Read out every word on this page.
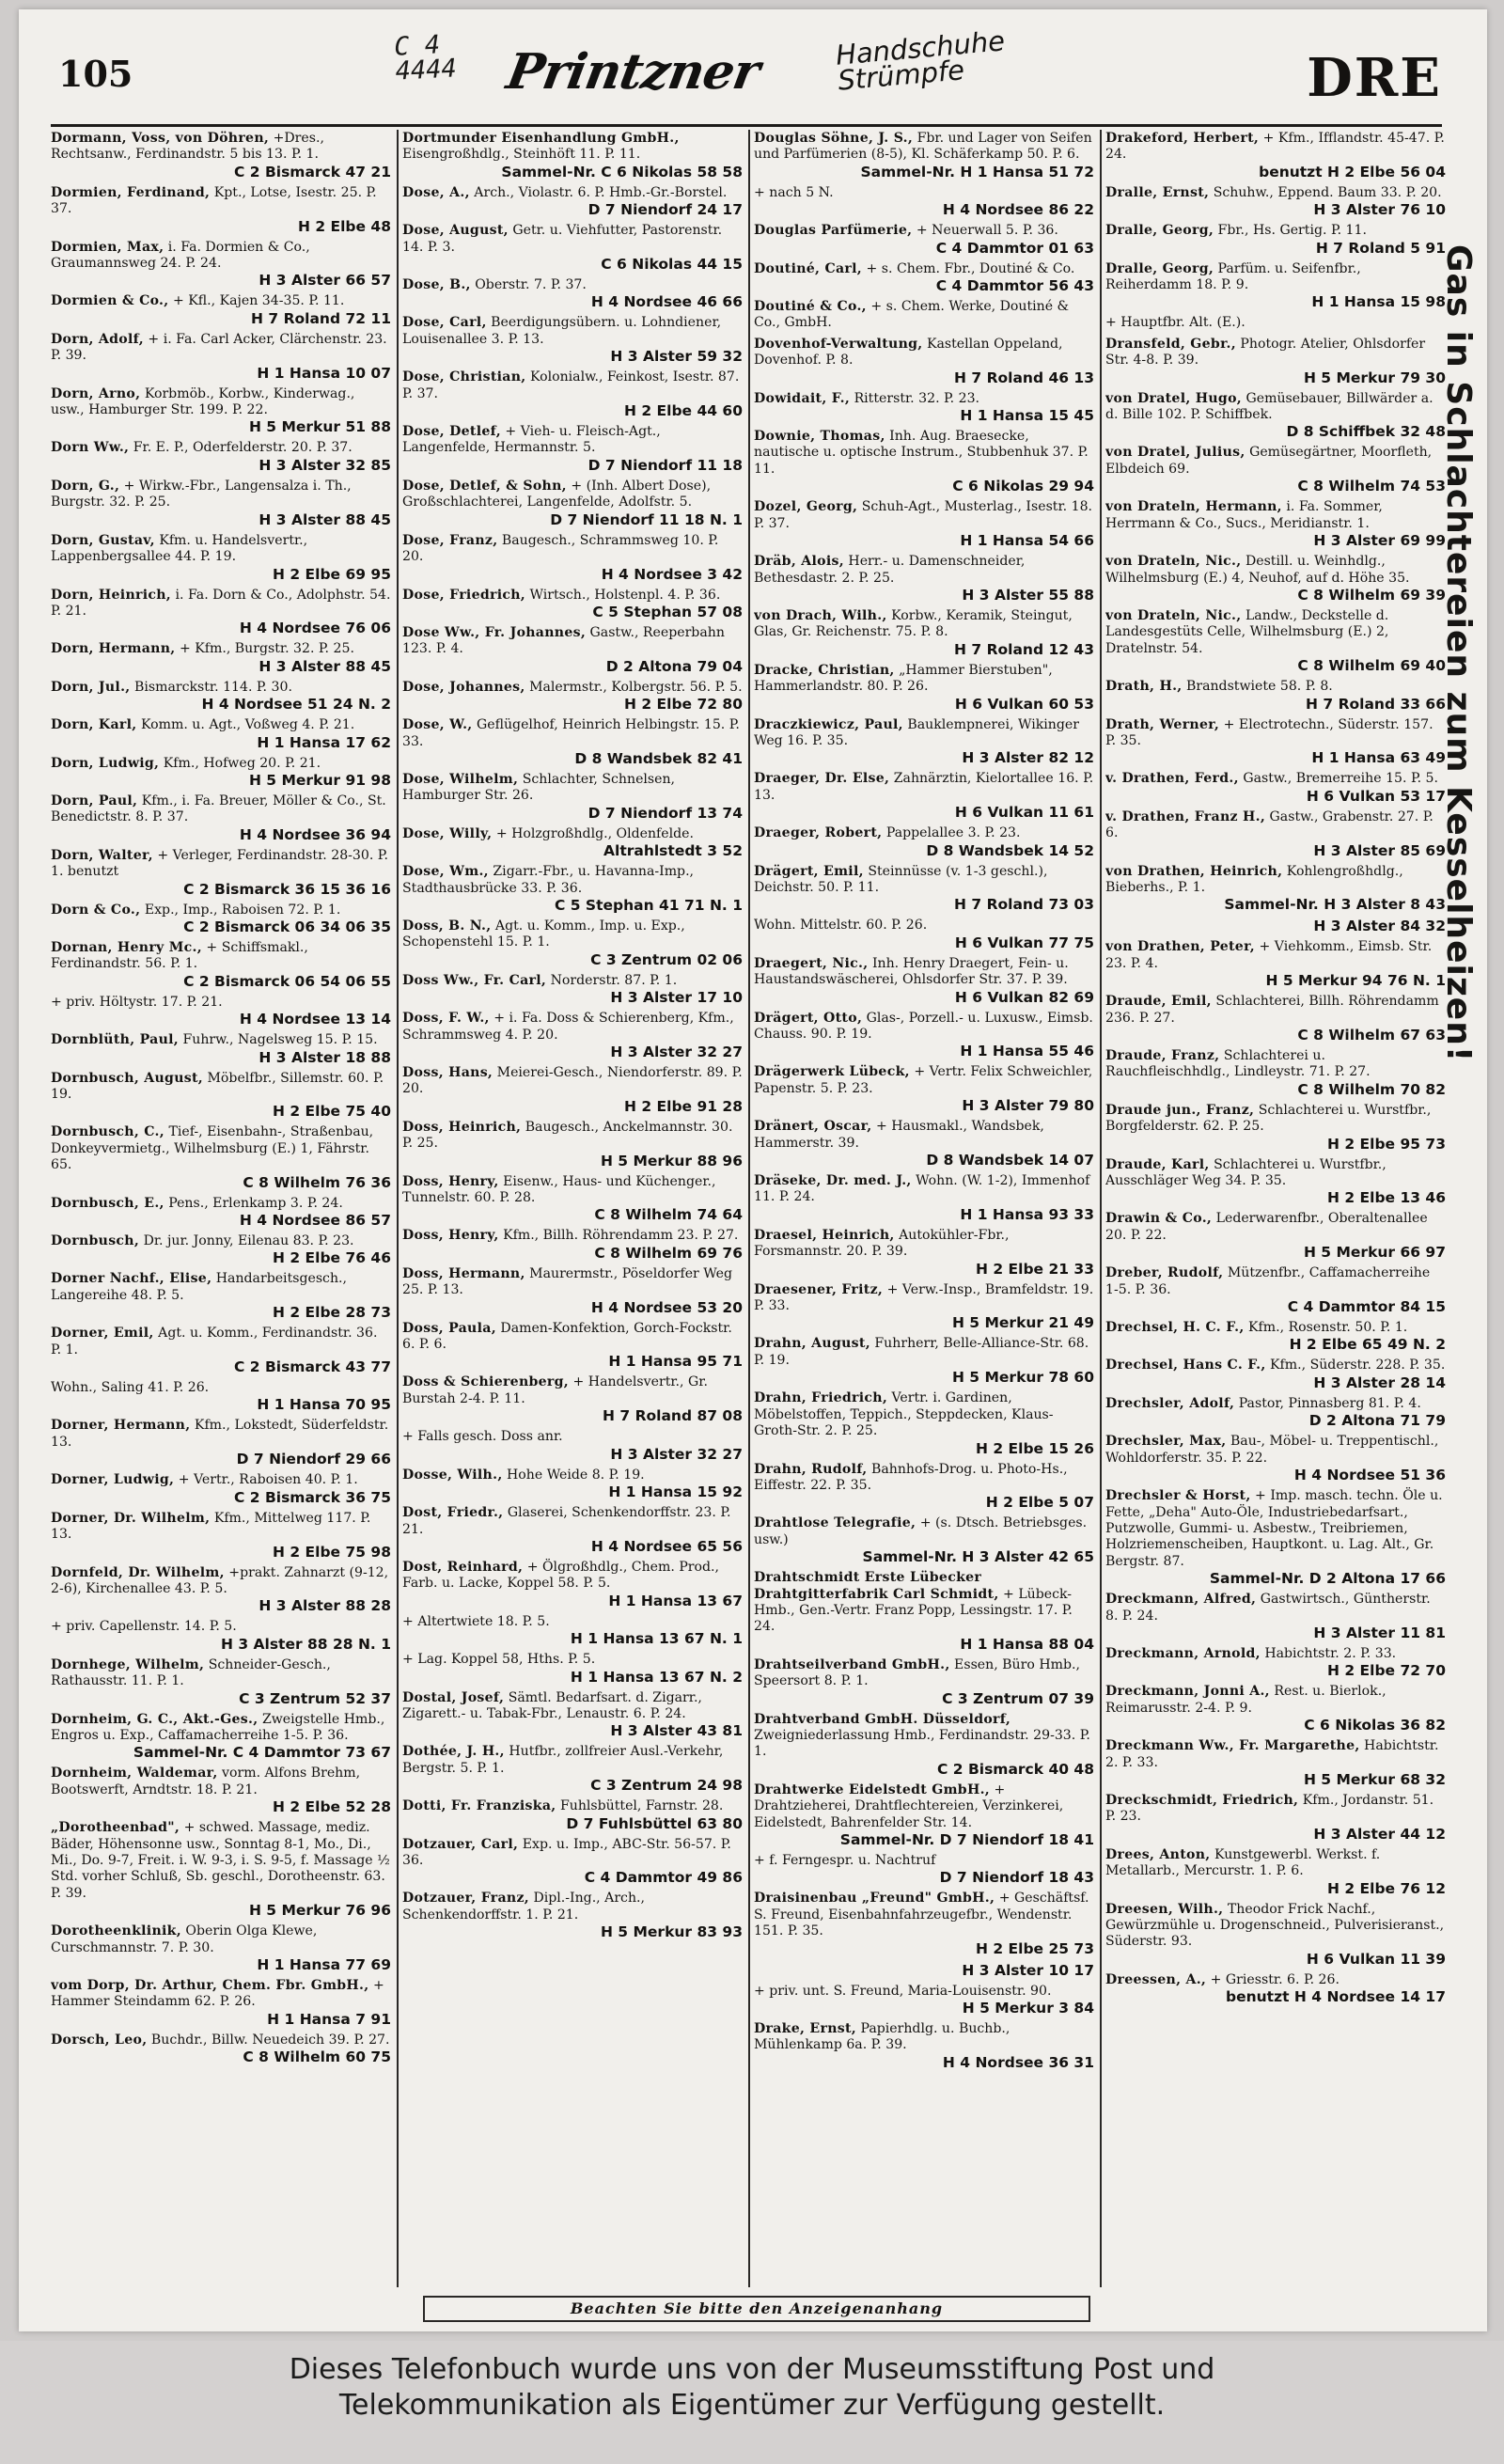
105
C 4
4444 Printzner	Handschuhe
Strümpfe	DRE
Dormann, Voss, von Döhren, +Dres., Rechtsanw., Ferdinandstr. 5 bis 13. P. 1.
C 2 Bismarck 47 21
Dormien, Ferdinand, Kpt., Lotse, Isestr. 25. P. 37.
H 2 Elbe 48
Dormien, Max, i. Fa. Dormien & Co., Graumannsweg 24. P. 24.
H 3 Alster 66 57
Dormien & Co., + Kfl., Kajen 34-35. P. 11.
H 7 Roland 72 11
Dorn, Adolf, + i. Fa. Carl Acker, Clärchenstr. 23. P. 39.
H 1 Hansa 10 07
Dorn, Arno, Korbmöb., Korbw., Kinderwag., usw., Hamburger Str. 199. P. 22.
H 5 Merkur 51 88
Dorn Ww., Fr. E. P., Oderfelderstr. 20. P. 37.
H 3 Alster 32 85
Dorn, G., + Wirkw.-Fbr., Langensalza i. Th., Burgstr. 32. P. 25.
H 3 Alster 88 45
Dorn, Gustav, Kfm. u. Handelsvertr., Lappenbergsallee 44. P. 19.
H 2 Elbe 69 95
Dorn, Heinrich, i. Fa. Dorn & Co., Adolphstr. 54. P. 21.
H 4 Nordsee 76 06
Dorn, Hermann, + Kfm., Burgstr. 32. P. 25.
H 3 Alster 88 45
Dorn, Jul., Bismarckstr. 114. P. 30.
H 4 Nordsee 51 24 N. 2
Dorn, Karl, Komm. u. Agt., Voßweg 4. P. 21.
H 1 Hansa 17 62
Dorn, Ludwig, Kfm., Hofweg 20. P. 21.
H 5 Merkur 91 98
Dorn, Paul, Kfm., i. Fa. Breuer, Möller & Co., St. Benedictstr. 8. P. 37.
H 4 Nordsee 36 94
Dorn, Walter, + Verleger, Ferdinandstr. 28-30. P. 1. benutzt
C 2 Bismarck 36 15 36 16
Dorn & Co., Exp., Imp., Raboisen 72. P. 1.
C 2 Bismarck 06 34 06 35
Dornan, Henry Mc., + Schiffsmakl., Ferdinandstr. 56. P. 1.
C 2 Bismarck 06 54 06 55
+ priv. Höltystr. 17. P. 21.
H 4 Nordsee 13 14
Dornblüth, Paul, Fuhrw., Nagelsweg 15. P. 15.
H 3 Alster 18 88
Dornbusch, August, Möbelfbr., Sillemstr. 60. P. 19.
H 2 Elbe 75 40
Dornbusch, C., Tief-, Eisenbahn-, Straßenbau, Donkeyvermietg., Wilhelmsburg (E.) 1, Fährstr. 65.
C 8 Wilhelm 76 36
Dornbusch, E., Pens., Erlenkamp 3. P. 24.
H 4 Nordsee 86 57
Dornbusch, Dr. jur. Jonny, Eilenau 83. P. 23.
H 2 Elbe 76 46
Dorner Nachf., Elise, Handarbeitsgesch., Langereihe 48. P. 5.
H 2 Elbe 28 73
Dorner, Emil, Agt. u. Komm., Ferdinandstr. 36. P. 1.
C 2 Bismarck 43 77
Wohn., Saling 41. P. 26.
H 1 Hansa 70 95
Dorner, Hermann, Kfm., Lokstedt, Süderfeldstr. 13.
D 7 Niendorf 29 66
Dorner, Ludwig, + Vertr., Raboisen 40. P. 1.
C 2 Bismarck 36 75
Dorner, Dr. Wilhelm, Kfm., Mittelweg 117. P. 13.
H 2 Elbe 75 98
Dornfeld, Dr. Wilhelm, +prakt. Zahnarzt (9-12, 2-6), Kirchenallee 43. P. 5.
H 3 Alster 88 28
+ priv. Capellenstr. 14. P. 5.
H 3 Alster 88 28 N. 1
Dornhege, Wilhelm, Schneider-Gesch., Rathausstr. 11. P. 1.
C 3 Zentrum 52 37
Dornheim, G. C., Akt.-Ges., Zweigstelle Hmb., Engros u. Exp., Caffamacherreihe 1-5. P. 36.
Sammel-Nr. C 4 Dammtor 73 67
Dornheim, Waldemar, vorm. Alfons Brehm, Bootswerft, Arndtstr. 18. P. 21.
H 2 Elbe 52 28
„Dorotheenbad", + schwed. Massage, mediz. Bäder, Höhensonne usw., Sonntag 8-1, Mo., Di., Mi., Do. 9-7, Freit. i. W. 9-3, i. S. 9-5, f. Massage ½ Std. vorher Schluß, Sb. geschl., Dorotheenstr. 63. P. 39.
H 5 Merkur 76 96
Dorotheenklinik, Oberin Olga Klewe, Curschmannstr. 7. P. 30.
H 1 Hansa 77 69
vom Dorp, Dr. Arthur, Chem. Fbr. GmbH., + Hammer Steindamm 62. P. 26.
H 1 Hansa 7 91
Dorsch, Leo, Buchdr., Billw. Neuedeich 39. P. 27.
C 8 Wilhelm 60 75
Dortmunder Eisenhandlung GmbH., Eisengroßhdlg., Steinhöft 11. P. 11.
Sammel-Nr. C 6 Nikolas 58 58
Dose, A., Arch., Violastr. 6. P. Hmb.-Gr.-Borstel.
D 7 Niendorf 24 17
Dose, August, Getr. u. Viehfutter, Pastorenstr. 14. P. 3.
C 6 Nikolas 44 15
Dose, B., Oberstr. 7. P. 37.
H 4 Nordsee 46 66
Dose, Carl, Beerdigungsübern. u. Lohndiener, Louisenallee 3. P. 13.
H 3 Alster 59 32
Dose, Christian, Kolonialw., Feinkost, Isestr. 87. P. 37.
H 2 Elbe 44 60
Dose, Detlef, + Vieh- u. Fleisch-Agt., Langenfelde, Hermannstr. 5.
D 7 Niendorf 11 18
Dose, Detlef, & Sohn, + (Inh. Albert Dose), Großschlachterei, Langenfelde, Adolfstr. 5.
D 7 Niendorf 11 18 N. 1
Dose, Franz, Baugesch., Schrammsweg 10. P. 20.
H 4 Nordsee 3 42
Dose, Friedrich, Wirtsch., Holstenpl. 4. P. 36.
C 5 Stephan 57 08
Dose Ww., Fr. Johannes, Gastw., Reeperbahn 123. P. 4.
D 2 Altona 79 04
Dose, Johannes, Malermstr., Kolbergstr. 56. P. 5.
H 2 Elbe 72 80
Dose, W., Geflügelhof, Heinrich Helbingstr. 15. P. 33.
D 8 Wandsbek 82 41
Dose, Wilhelm, Schlachter, Schnelsen, Hamburger Str. 26.
D 7 Niendorf 13 74
Dose, Willy, + Holzgroßhdlg., Oldenfelde.
Altrahlstedt 3 52
Dose, Wm., Zigarr.-Fbr., u. Havanna-Imp., Stadthausbrücke 33. P. 36.
C 5 Stephan 41 71 N. 1
Doss, B. N., Agt. u. Komm., Imp. u. Exp., Schopenstehl 15. P. 1.
C 3 Zentrum 02 06
Doss Ww., Fr. Carl, Norderstr. 87. P. 1.
H 3 Alster 17 10
Doss, F. W., + i. Fa. Doss & Schierenberg, Kfm., Schrammsweg 4. P. 20.
H 3 Alster 32 27
Doss, Hans, Meierei-Gesch., Niendorferstr. 89. P. 20.
H 2 Elbe 91 28
Doss, Heinrich, Baugesch., Anckelmannstr. 30. P. 25.
H 5 Merkur 88 96
Doss, Henry, Eisenw., Haus- und Küchenger., Tunnelstr. 60. P. 28.
C 8 Wilhelm 74 64
Doss, Henry, Kfm., Billh. Röhrendamm 23. P. 27.
C 8 Wilhelm 69 76
Doss, Hermann, Maurermstr., Pöseldorfer Weg 25. P. 13.
H 4 Nordsee 53 20
Doss, Paula, Damen-Konfektion, Gorch-Fockstr. 6. P. 6.
H 1 Hansa 95 71
Doss & Schierenberg, + Handelsvertr., Gr. Burstah 2-4. P. 11.
H 7 Roland 87 08
+ Falls gesch. Doss anr.
H 3 Alster 32 27
Dosse, Wilh., Hohe Weide 8. P. 19.
H 1 Hansa 15 92
Dost, Friedr., Glaserei, Schenkendorffstr. 23. P. 21.
H 4 Nordsee 65 56
Dost, Reinhard, + Ölgroßhdlg., Chem. Prod., Farb. u. Lacke, Koppel 58. P. 5.
H 1 Hansa 13 67
+ Altertwiete 18. P. 5.
H 1 Hansa 13 67 N. 1
+ Lag. Koppel 58, Hths. P. 5.
H 1 Hansa 13 67 N. 2
Dostal, Josef, Sämtl. Bedarfsart. d. Zigarr., Zigarett.- u. Tabak-Fbr., Lenaustr. 6. P. 24.
H 3 Alster 43 81
Dothée, J. H., Hutfbr., zollfreier Ausl.-Verkehr, Bergstr. 5. P. 1.
C 3 Zentrum 24 98
Dotti, Fr. Franziska, Fuhlsbüttel, Farnstr. 28.
D 7 Fuhlsbüttel 63 80
Dotzauer, Carl, Exp. u. Imp., ABC-Str. 56-57. P. 36.
C 4 Dammtor 49 86
Dotzauer, Franz, Dipl.-Ing., Arch., Schenkendorffstr. 1. P. 21.
H 5 Merkur 83 93
Douglas Söhne, J. S., Fbr. und Lager von Seifen und Parfümerien (8-5), Kl. Schäferkamp 50. P. 6.
Sammel-Nr. H 1 Hansa 51 72
+ nach 5 N.
H 4 Nordsee 86 22
Douglas Parfümerie, + Neuerwall 5. P. 36.
C 4 Dammtor 01 63
Doutiné, Carl, + s. Chem. Fbr., Doutiné & Co.
C 4 Dammtor 56 43
Doutiné & Co., + s. Chem. Werke, Doutiné & Co., GmbH.
Dovenhof-Verwaltung, Kastellan Oppeland, Dovenhof. P. 8.
H 7 Roland 46 13
Dowidait, F., Ritterstr. 32. P. 23.
H 1 Hansa 15 45
Downie, Thomas, Inh. Aug. Braesecke, nautische u. optische Instrum., Stubbenhuk 37. P. 11.
C 6 Nikolas 29 94
Dozel, Georg, Schuh-Agt., Musterlag., Isestr. 18. P. 37.
H 1 Hansa 54 66
Dräb, Alois, Herr.- u. Damenschneider, Bethesdastr. 2. P. 25.
H 3 Alster 55 88
von Drach, Wilh., Korbw., Keramik, Steingut, Glas, Gr. Reichenstr. 75. P. 8.
H 7 Roland 12 43
Dracke, Christian, „Hammer Bierstuben", Hammerlandstr. 80. P. 26.
H 6 Vulkan 60 53
Draczkiewicz, Paul, Bauklempnerei, Wikinger Weg 16. P. 35.
H 3 Alster 82 12
Draeger, Dr. Else, Zahnärztin, Kielortallee 16. P. 13.
H 6 Vulkan 11 61
Draeger, Robert, Pappelallee 3. P. 23.
D 8 Wandsbek 14 52
Drägert, Emil, Steinnüsse (v. 1-3 geschl.), Deichstr. 50. P. 11.
H 7 Roland 73 03
Wohn. Mittelstr. 60. P. 26.
H 6 Vulkan 77 75
Draegert, Nic., Inh. Henry Draegert, Fein- u. Haustandswäscherei, Ohlsdorfer Str. 37. P. 39.
H 6 Vulkan 82 69
Drägert, Otto, Glas-, Porzell.- u. Luxusw., Eimsb. Chauss. 90. P. 19.
H 1 Hansa 55 46
Drägerwerk Lübeck, + Vertr. Felix Schweichler, Papenstr. 5. P. 23.
H 3 Alster 79 80
Dränert, Oscar, + Hausmakl., Wandsbek, Hammerstr. 39.
D 8 Wandsbek 14 07
Dräseke, Dr. med. J., Wohn. (W. 1-2), Immenhof 11. P. 24.
H 1 Hansa 93 33
Draesel, Heinrich, Autokühler-Fbr., Forsmannstr. 20. P. 39.
H 2 Elbe 21 33
Draesener, Fritz, + Verw.-Insp., Bramfeldstr. 19. P. 33.
H 5 Merkur 21 49
Drahn, August, Fuhrherr, Belle-Alliance-Str. 68. P. 19.
H 5 Merkur 78 60
Drahn, Friedrich, Vertr. i. Gardinen, Möbelstoffen, Teppich., Steppdecken, Klaus-Groth-Str. 2. P. 25.
H 2 Elbe 15 26
Drahn, Rudolf, Bahnhofs-Drog. u. Photo-Hs., Eiffestr. 22. P. 35.
H 2 Elbe 5 07
Drahtlose Telegrafie, + (s. Dtsch. Betriebsges. usw.)
Sammel-Nr. H 3 Alster 42 65
Drahtschmidt Erste Lübecker Drahtgitterfabrik Carl Schmidt, + Lübeck-Hmb., Gen.-Vertr. Franz Popp, Lessingstr. 17. P. 24.
H 1 Hansa 88 04
Drahtseilverband GmbH., Essen, Büro Hmb., Speersort 8. P. 1.
C 3 Zentrum 07 39
Drahtverband GmbH. Düsseldorf, Zweigniederlassung Hmb., Ferdinandstr. 29-33. P. 1.
C 2 Bismarck 40 48
Drahtwerke Eidelstedt GmbH., + Drahtzieherei, Drahtflechtereien, Verzinkerei, Eidelstedt, Bahrenfelder Str. 14.
Sammel-Nr. D 7 Niendorf 18 41
+ f. Ferngespr. u. Nachtruf
D 7 Niendorf 18 43
Draisinenbau „Freund" GmbH., + Geschäftsf. S. Freund, Eisenbahnfahrzeugefbr., Wendenstr. 151. P. 35.
H 2 Elbe 25 73
H 3 Alster 10 17
+ priv. unt. S. Freund, Maria-Louisenstr. 90.
H 5 Merkur 3 84
Drake, Ernst, Papierhdlg. u. Buchb., Mühlenkamp 6a. P. 39.
H 4 Nordsee 36 31
Drakeford, Herbert, + Kfm., Ifflandstr. 45-47. P. 24.
benutzt H 2 Elbe 56 04
Dralle, Ernst, Schuhw., Eppend. Baum 33. P. 20.
H 3 Alster 76 10
Dralle, Georg, Fbr., Hs. Gertig. P. 11.
H 7 Roland 5 91
Dralle, Georg, Parfüm. u. Seifenfbr., Reiherdamm 18. P. 9.
H 1 Hansa 15 98
+ Hauptfbr. Alt. (E.).
Dransfeld, Gebr., Photogr. Atelier, Ohlsdorfer Str. 4-8. P. 39.
H 5 Merkur 79 30
von Dratel, Hugo, Gemüsebauer, Billwärder a. d. Bille 102. P. Schiffbek.
D 8 Schiffbek 32 48
von Dratel, Julius, Gemüsegärtner, Moorfleth, Elbdeich 69.
C 8 Wilhelm 74 53
von Drateln, Hermann, i. Fa. Sommer, Herrmann & Co., Sucs., Meridianstr. 1.
H 3 Alster 69 99
von Drateln, Nic., Destill. u. Weinhdlg., Wilhelmsburg (E.) 4, Neuhof, auf d. Höhe 35.
C 8 Wilhelm 69 39
von Drateln, Nic., Landw., Deckstelle d. Landesgestüts Celle, Wilhelmsburg (E.) 2, Dratelnstr. 54.
C 8 Wilhelm 69 40
Drath, H., Brandstwiete 58. P. 8.
H 7 Roland 33 66
Drath, Werner, + Electrotechn., Süderstr. 157. P. 35.
H 1 Hansa 63 49
v. Drathen, Ferd., Gastw., Bremerreihe 15. P. 5.
H 6 Vulkan 53 17
v. Drathen, Franz H., Gastw., Grabenstr. 27. P. 6.
H 3 Alster 85 69
von Drathen, Heinrich, Kohlengroßhdlg., Bieberhs., P. 1.
Sammel-Nr. H 3 Alster 8 43
H 3 Alster 84 32
von Drathen, Peter, + Viehkomm., Eimsb. Str. 23. P. 4.
H 5 Merkur 94 76 N. 1
Draude, Emil, Schlachterei, Billh. Röhrendamm 236. P. 27.
C 8 Wilhelm 67 63
Draude, Franz, Schlachterei u. Rauchfleischhdlg., Lindleystr. 71. P. 27.
C 8 Wilhelm 70 82
Draude jun., Franz, Schlachterei u. Wurstfbr., Borgfelderstr. 62. P. 25.
H 2 Elbe 95 73
Draude, Karl, Schlachterei u. Wurstfbr., Ausschläger Weg 34. P. 35.
H 2 Elbe 13 46
Drawin & Co., Lederwarenfbr., Oberaltenallee 20. P. 22.
H 5 Merkur 66 97
Dreber, Rudolf, Mützenfbr., Caffamacherreihe 1-5. P. 36.
C 4 Dammtor 84 15
Drechsel, H. C. F., Kfm., Rosenstr. 50. P. 1.
H 2 Elbe 65 49 N. 2
Drechsel, Hans C. F., Kfm., Süderstr. 228. P. 35.
H 3 Alster 28 14
Drechsler, Adolf, Pastor, Pinnasberg 81. P. 4.
D 2 Altona 71 79
Drechsler, Max, Bau-, Möbel- u. Treppentischl., Wohldorferstr. 35. P. 22.
H 4 Nordsee 51 36
Drechsler & Horst, + Imp. masch. techn. Öle u. Fette, „Deha" Auto-Öle, Industriebedarfsart., Putzwolle, Gummi- u. Asbestw., Treibriemen, Holzriemenscheiben, Hauptkont. u. Lag. Alt., Gr. Bergstr. 87.
Sammel-Nr. D 2 Altona 17 66
Dreckmann, Alfred, Gastwirtsch., Güntherstr. 8. P. 24.
H 3 Alster 11 81
Dreckmann, Arnold, Habichtstr. 2. P. 33.
H 2 Elbe 72 70
Dreckmann, Jonni A., Rest. u. Bierlok., Reimarusstr. 2-4. P. 9.
C 6 Nikolas 36 82
Dreckmann Ww., Fr. Margarethe, Habichtstr. 2. P. 33.
H 5 Merkur 68 32
Dreckschmidt, Friedrich, Kfm., Jordanstr. 51. P. 23.
H 3 Alster 44 12
Drees, Anton, Kunstgewerbl. Werkst. f. Metallarb., Mercurstr. 1. P. 6.
H 2 Elbe 76 12
Dreesen, Wilh., Theodor Frick Nachf., Gewürzmühle u. Drogenschneid., Pulverisieranst., Süderstr. 93.
H 6 Vulkan 11 39
Dreessen, A., + Griesstr. 6. P. 26.
benutzt H 4 Nordsee 14 17
Gas in Schlachtereien zum Kesselheizen!
Beachten Sie bitte den Anzeigenanhang
Dieses Telefonbuch wurde uns von der Museumsstiftung Post und
Telekommunikation als Eigentümer zur Verfügung gestellt.
